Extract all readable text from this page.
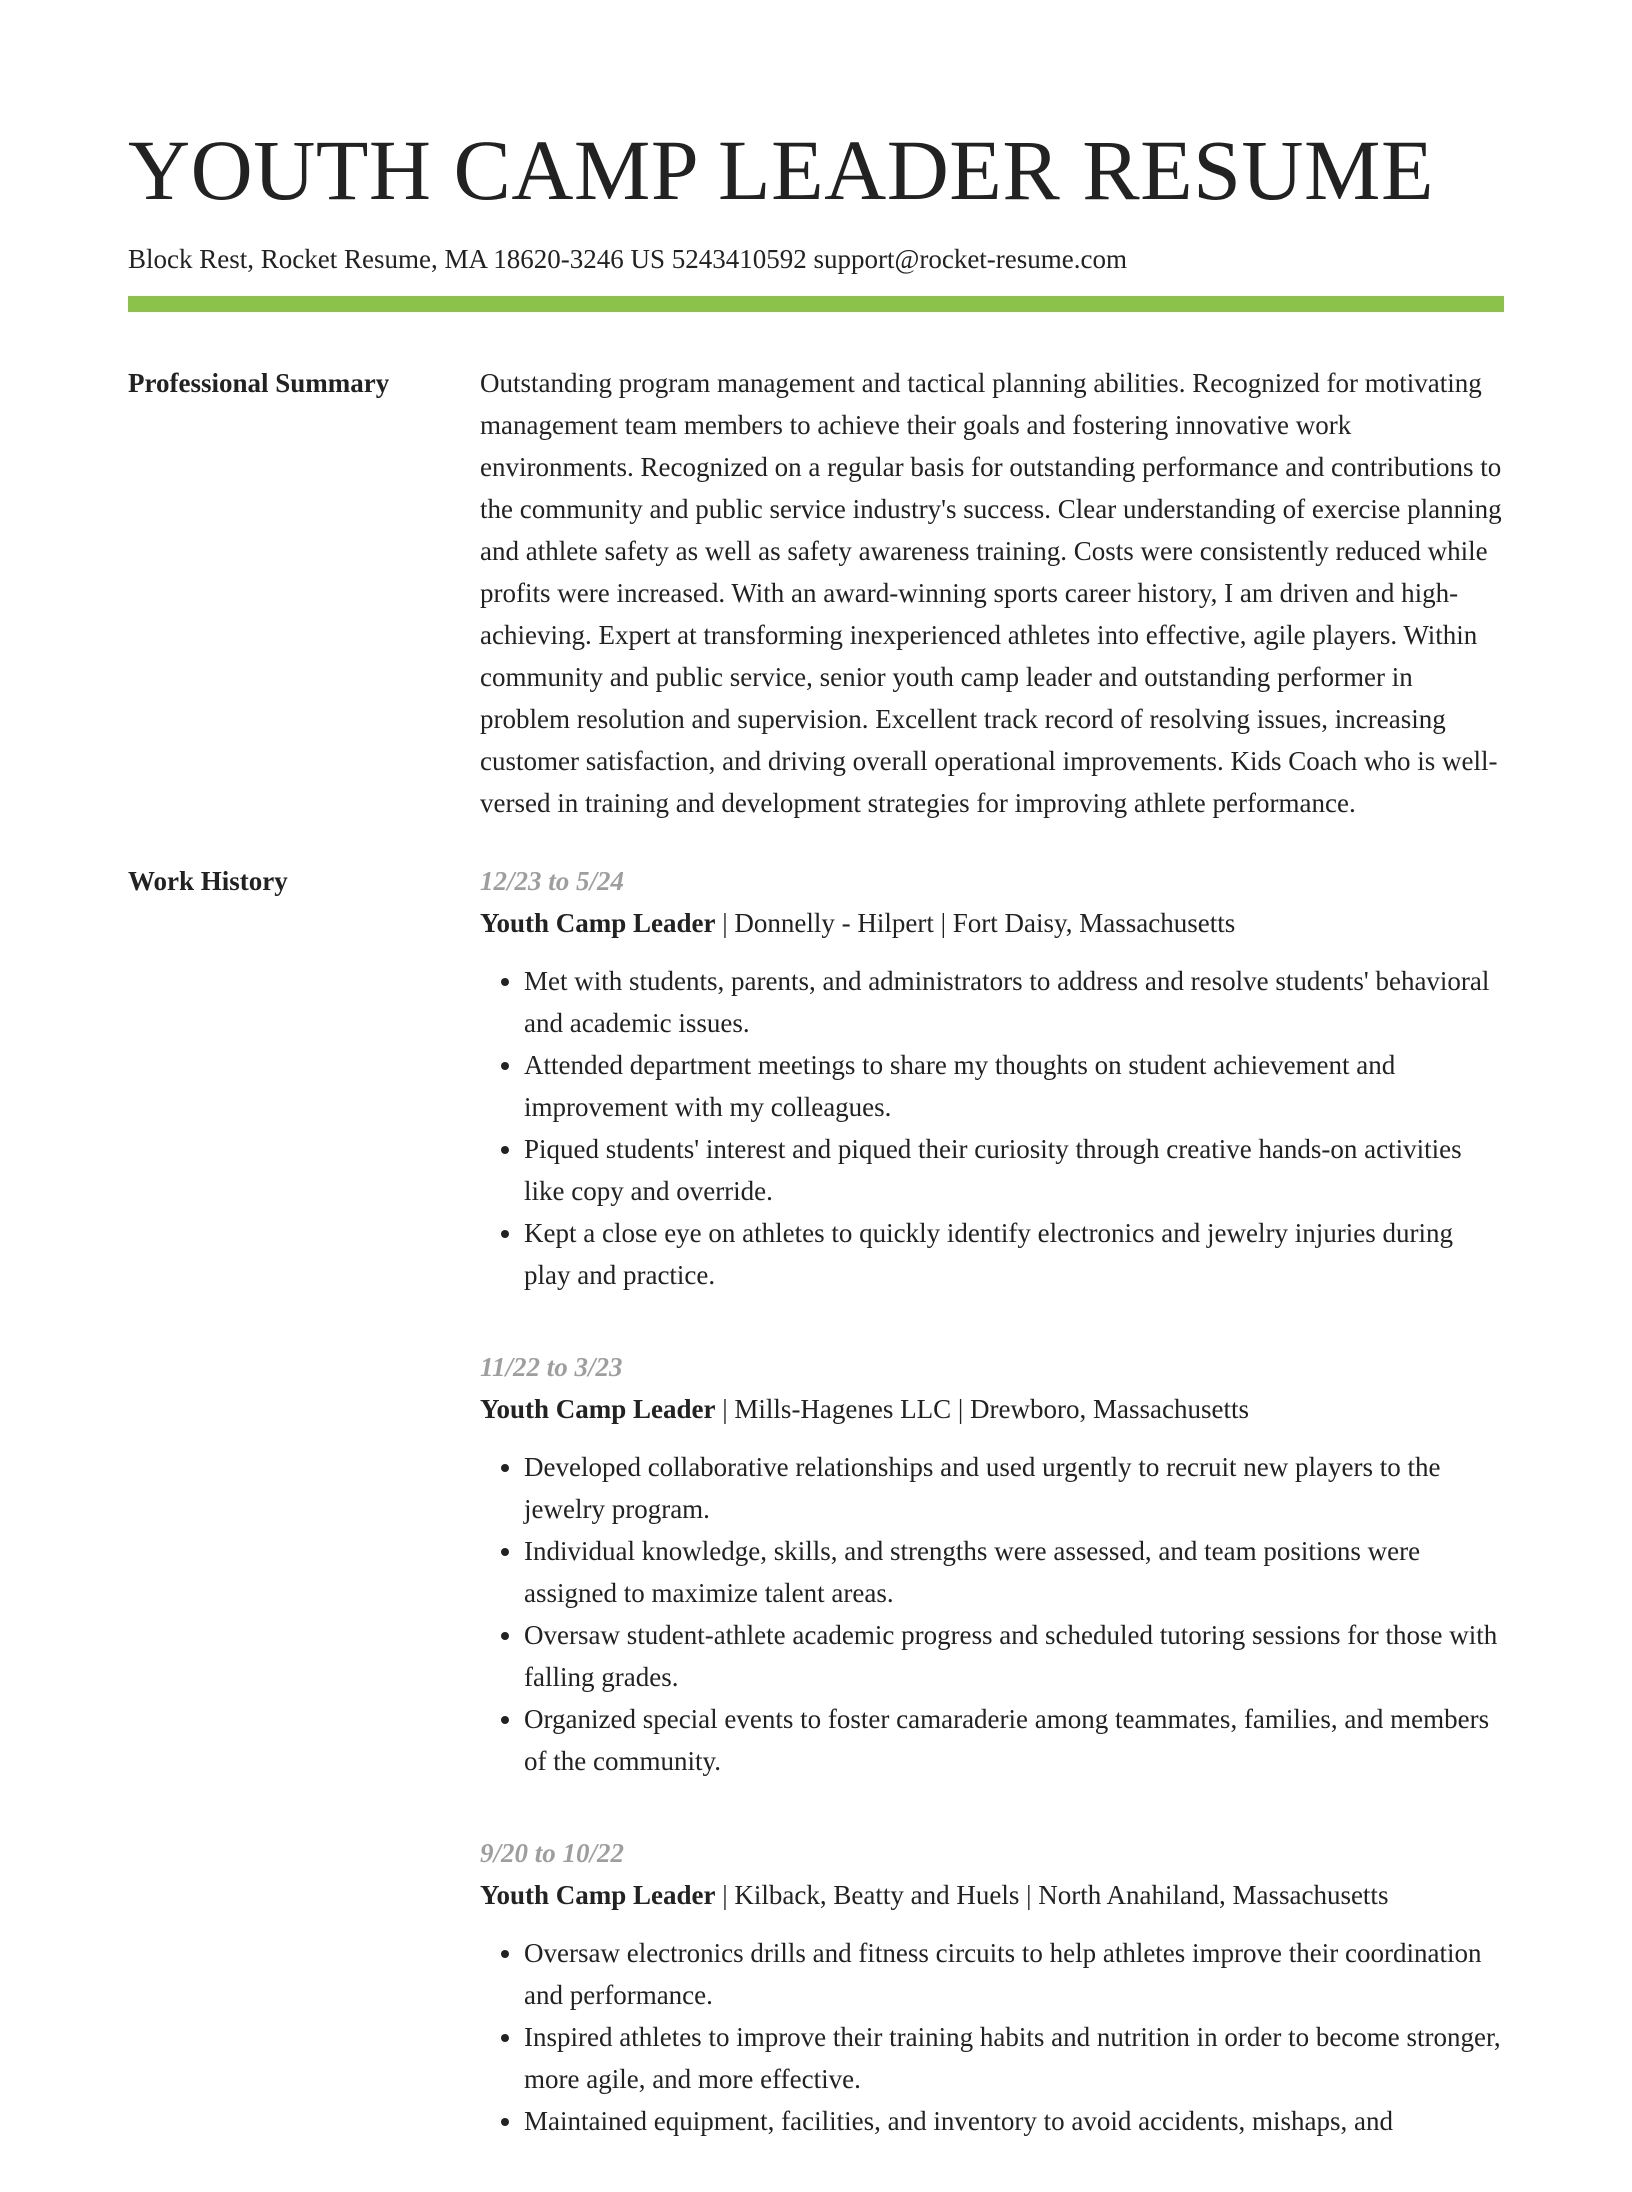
YOUTH CAMP LEADER RESUME
Block Rest, Rocket Resume, MA 18620-3246 US 5243410592 support@rocket-resume.com
Professional Summary	Outstanding program management and tactical planning abilities. Recognized for motivating management team members to achieve their goals and fostering innovative work environments. Recognized on a regular basis for outstanding performance and contributions to the community and public service industry's success. Clear understanding of exercise planning and athlete safety as well as safety awareness training. Costs were consistently reduced while profits were increased. With an award-winning sports career history, I am driven and high-achieving. Expert at transforming inexperienced athletes into effective, agile players. Within community and public service, senior youth camp leader and outstanding performer in problem resolution and supervision. Excellent track record of resolving issues, increasing customer satisfaction, and driving overall operational improvements. Kids Coach who is well-versed in training and development strategies for improving athlete performance.

Work History	12/23 to 5/24
Youth Camp Leader | Donnelly - Hilpert | Fort Daisy, Massachusetts
• Met with students, parents, and administrators to address and resolve students' behavioral and academic issues.
• Attended department meetings to share my thoughts on student achievement and improvement with my colleagues.
• Piqued students' interest and piqued their curiosity through creative hands-on activities like copy and override.
• Kept a close eye on athletes to quickly identify electronics and jewelry injuries during play and practice.
11/22 to 3/23
Youth Camp Leader | Mills-Hagenes LLC | Drewboro, Massachusetts
• Developed collaborative relationships and used urgently to recruit new players to the jewelry program.
• Individual knowledge, skills, and strengths were assessed, and team positions were assigned to maximize talent areas.
• Oversaw student-athlete academic progress and scheduled tutoring sessions for those with falling grades.
• Organized special events to foster camaraderie among teammates, families, and members of the community.
9/20 to 10/22
Youth Camp Leader | Kilback, Beatty and Huels | North Anahiland, Massachusetts
• Oversaw electronics drills and fitness circuits to help athletes improve their coordination and performance.
• Inspired athletes to improve their training habits and nutrition in order to become stronger, more agile, and more effective.
• Maintained equipment, facilities, and inventory to avoid accidents, mishaps, and
